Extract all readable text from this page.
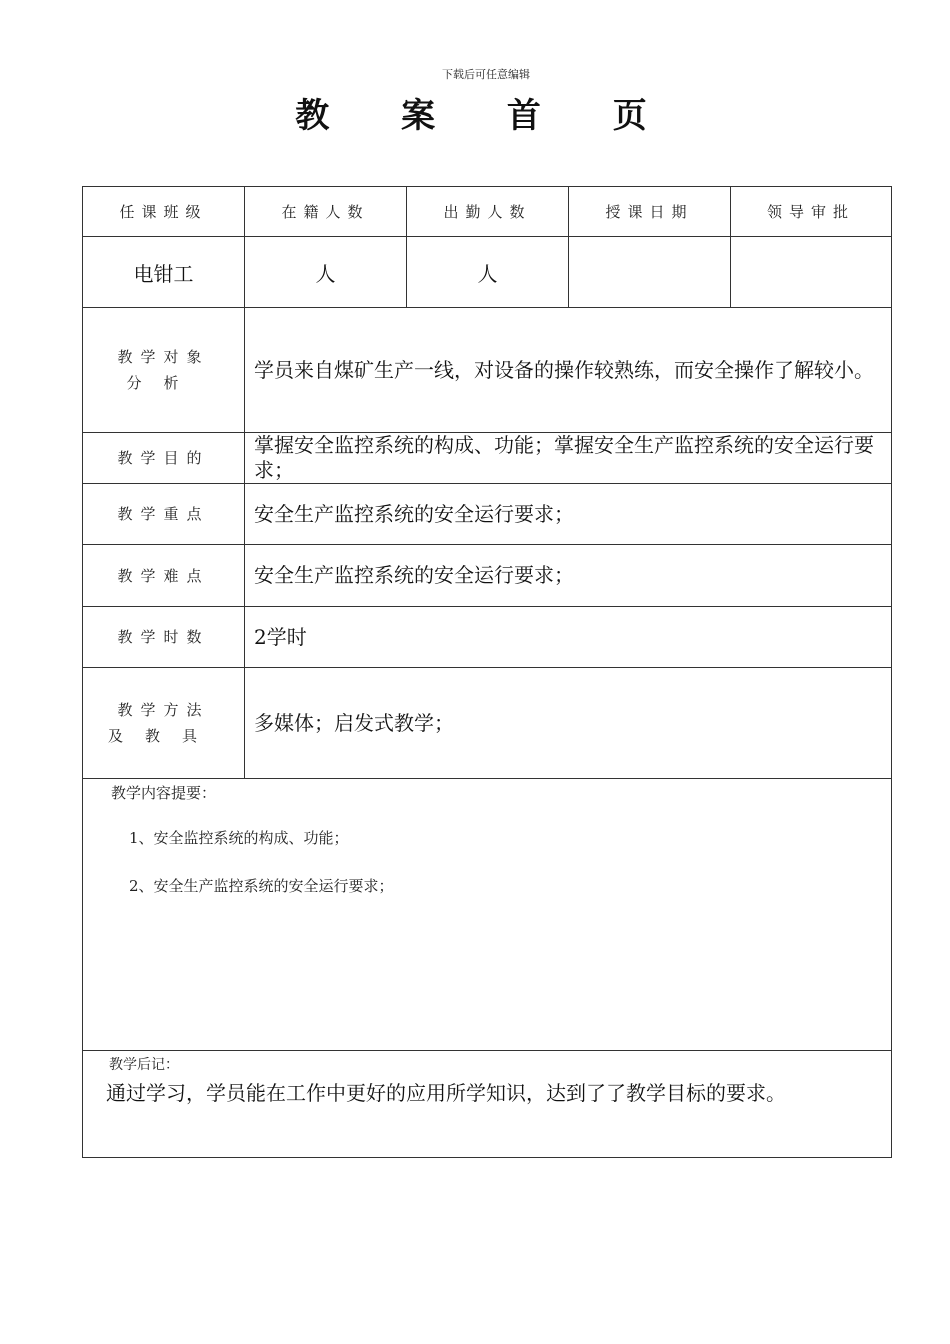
下载后可任意编辑
教 案 首 页
任课班级	在籍人数	出勤人数	授课日期	领导审批
电钳工	人	人		

教学对象
分析	学员来自煤矿生产一线，对设备的操作较熟练，而安全操作了解较小。			
教学目的	掌握安全监控系统的构成、功能；掌握安全生产监控系统的安全运行要求；			
教学重点	安全生产监控系统的安全运行要求；			
教学难点	安全生产监控系统的安全运行要求；			
教学时数	2学时			

教学方法
及教具	多媒体；启发式教学；			

教学内容提要：
1、安全监控系统的构成、功能；
2、安全生产监控系统的安全运行要求；				

教学后记：
通过学习，学员能在工作中更好的应用所学知识，达到了了教学目标的要求。				
